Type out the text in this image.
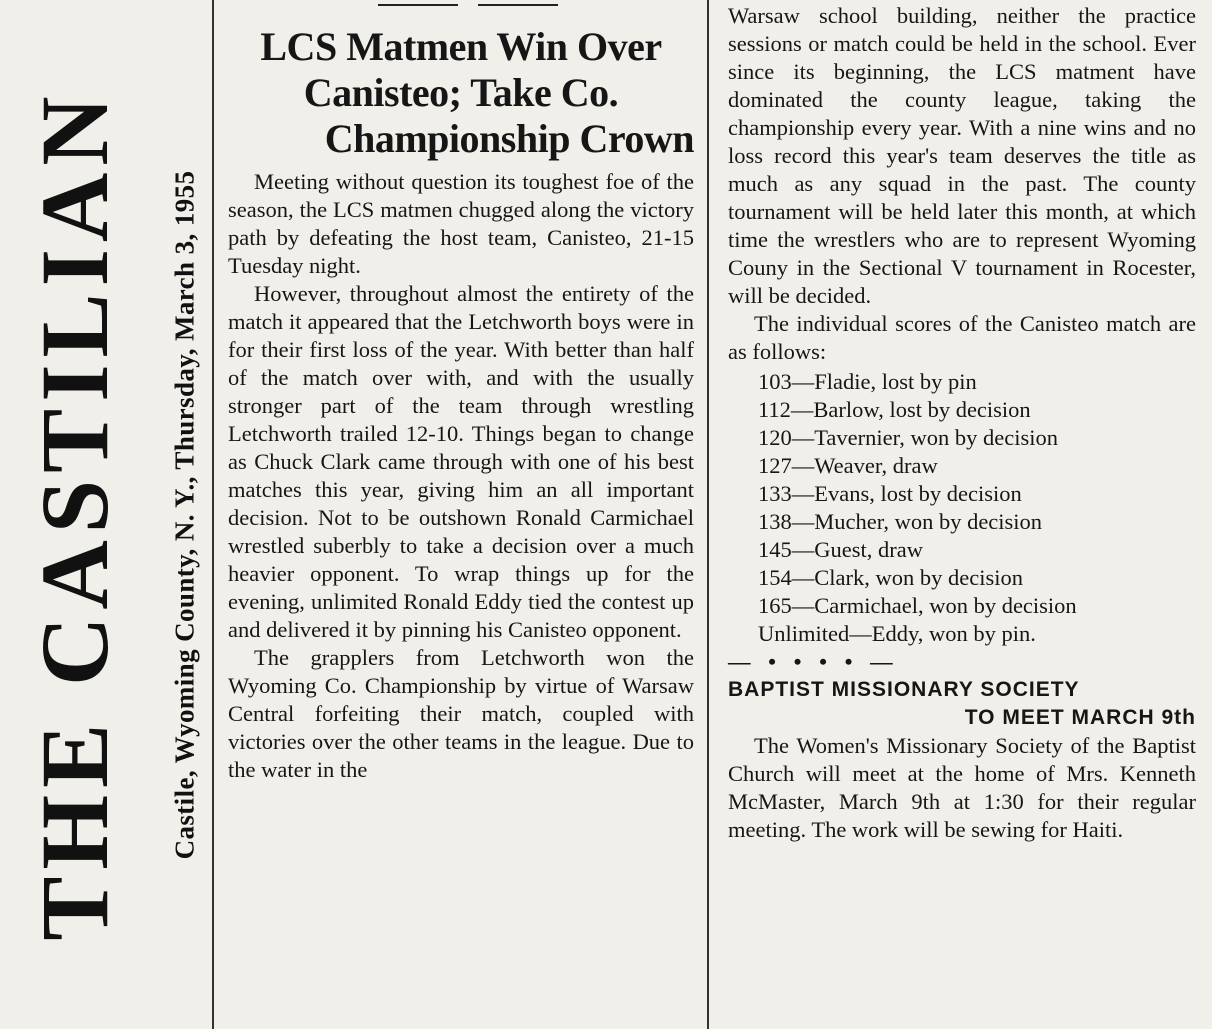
THE CASTILIAN Castile, Wyoming County, N. Y., Thursday, March 3, 1955
LCS Matmen Win Over
Canisteo; Take Co.
Championship Crown

Meeting without question its toughest foe of the season, the LCS matmen chugged along the victory path by defeating the host team, Canisteo, 21-15 Tuesday night.

However, throughout almost the entirety of the match it appeared that the Letchworth boys were in for their first loss of the year. With better than half of the match over with, and with the usually stronger part of the team through wrestling Letchworth trailed 12-10. Things began to change as Chuck Clark came through with one of his best matches this year, giving him an all important decision. Not to be outshown Ronald Carmichael wrestled suberbly to take a decision over a much heavier opponent. To wrap things up for the evening, unlimited Ronald Eddy tied the contest up and delivered it by pinning his Canisteo opponent.

The grapplers from Letchworth won the Wyoming Co. Championship by virtue of Warsaw Central forfeiting their match, coupled with victories over the other teams in the league. Due to the water in the

Warsaw school building, neither the practice sessions or match could be held in the school. Ever since its beginning, the LCS matment have dominated the county league, taking the championship every year. With a nine wins and no loss record this year's team deserves the title as much as any squad in the past. The county tournament will be held later this month, at which time the wrestlers who are to represent Wyoming Couny in the Sectional V tournament in Rocester, will be decided.

The individual scores of the Canisteo match are as follows:

103—Fladie, lost by pin
112—Barlow, lost by decision
120—Tavernier, won by decision
127—Weaver, draw
133—Evans, lost by decision
138—Mucher, won by decision
145—Guest, draw
154—Clark, won by decision
165—Carmichael, won by decision
Unlimited—Eddy, won by pin.

— • • • • —

BAPTIST MISSIONARY SOCIETY

TO MEET MARCH 9th

The Women's Missionary Society of the Baptist Church will meet at the home of Mrs. Kenneth McMaster, March 9th at 1:30 for their regular meeting. The work will be sewing for Haiti.
